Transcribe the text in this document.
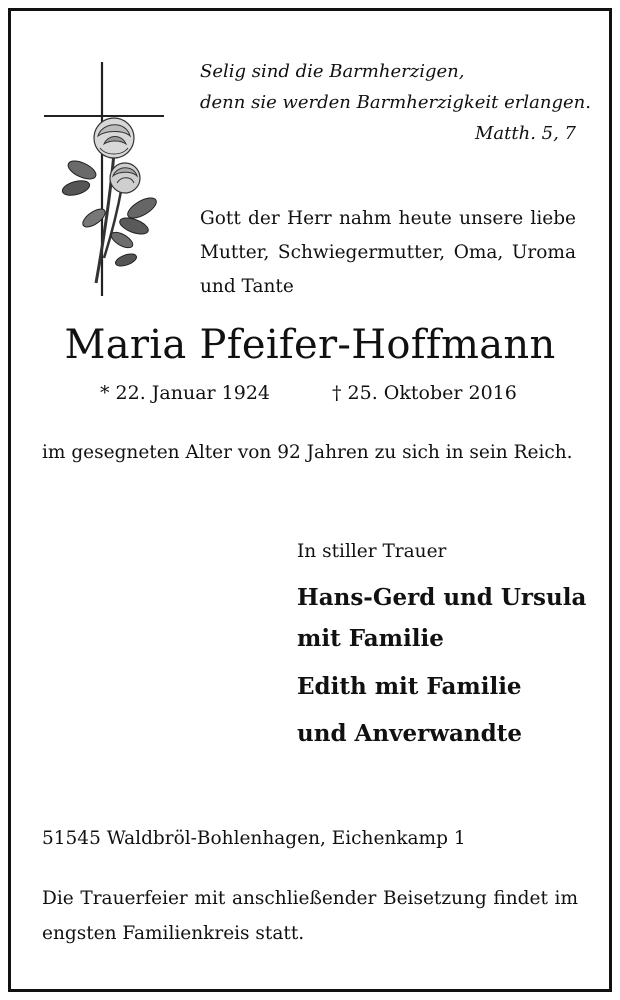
Selig sind die Barmherzigen,
denn sie werden Barmherzigkeit erlangen.
Matth. 5, 7
Gott der Herr nahm heute unsere liebe
Mutter, Schwiegermutter, Oma, Uroma
und Tante
Maria Pfeifer-Hoffmann
* 22. Januar 1924	† 25. Oktober 2016
im gesegneten Alter von 92 Jahren zu sich in sein Reich.
In stiller Trauer
Hans-Gerd und Ursula
mit Familie
Edith mit Familie
und Anverwandte
51545 Waldbröl-Bohlenhagen, Eichenkamp 1
Die Trauerfeier mit anschließender Beisetzung findet im
engsten Familienkreis statt.
